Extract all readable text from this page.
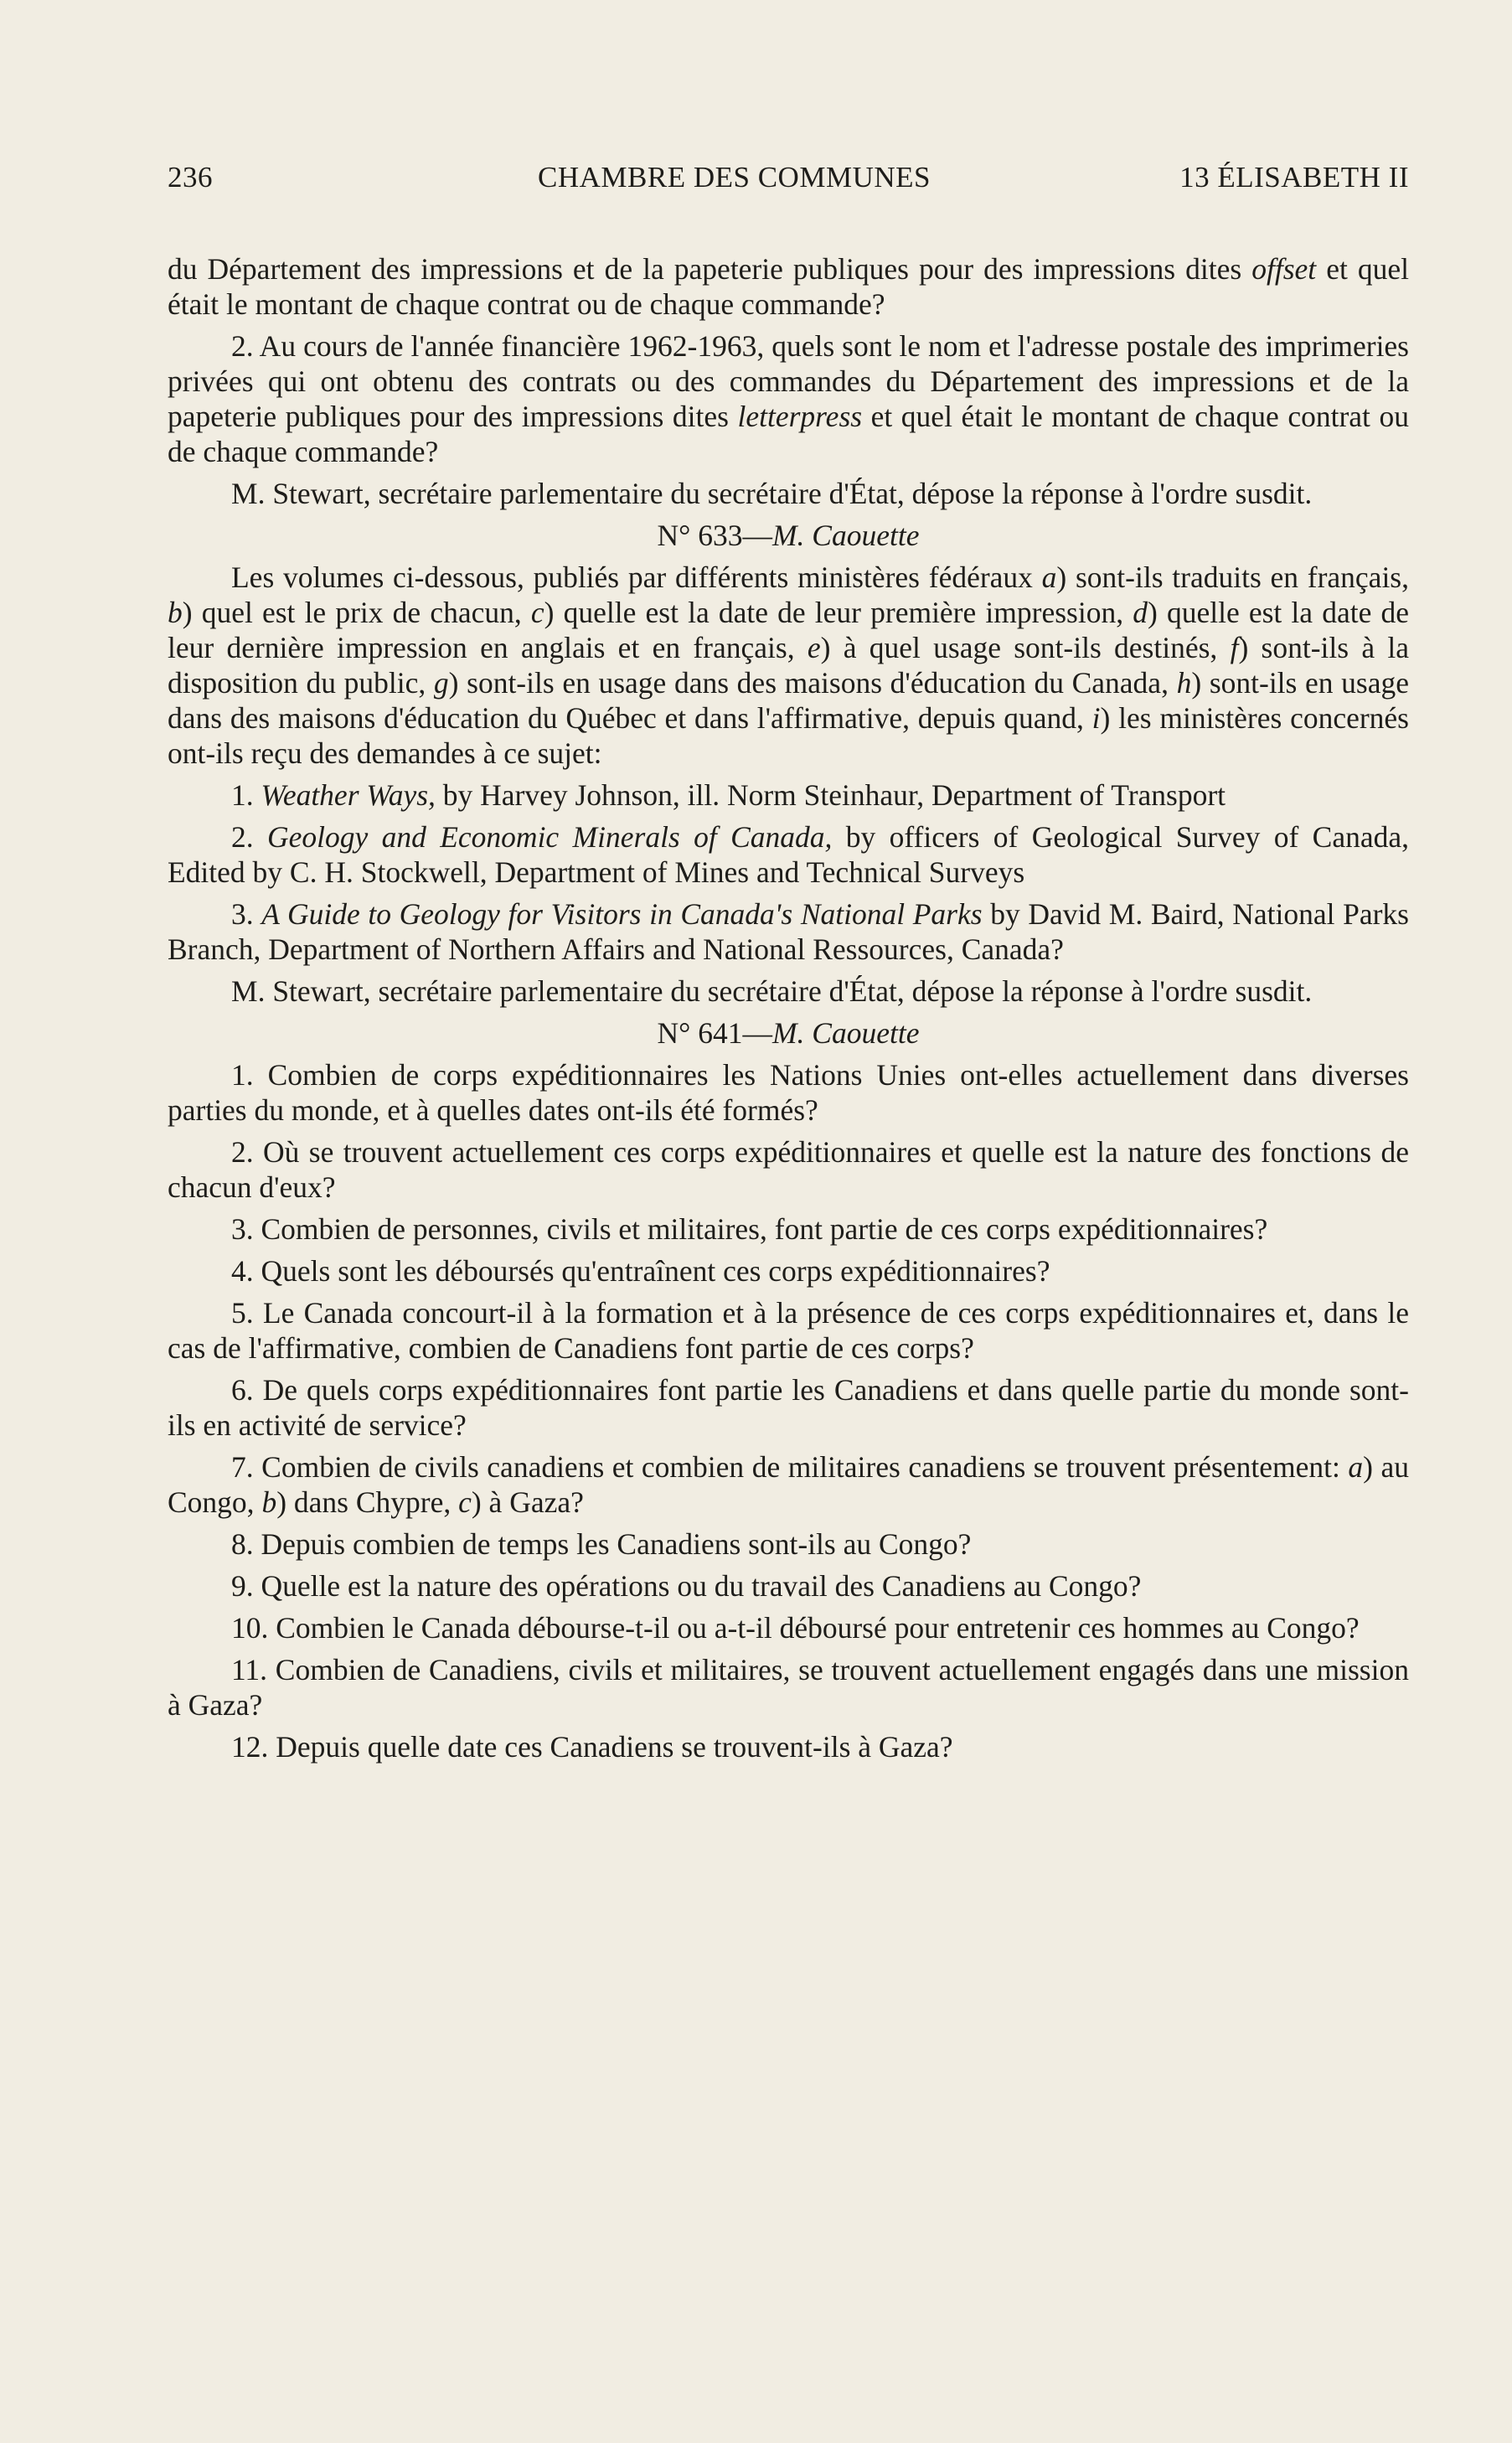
236	CHAMBRE DES COMMUNES	13 ÉLISABETH II

du Département des impressions et de la papeterie publiques pour des impressions dites offset et quel était le montant de chaque contrat ou de chaque commande?

2. Au cours de l'année financière 1962-1963, quels sont le nom et l'adresse postale des imprimeries privées qui ont obtenu des contrats ou des commandes du Département des impressions et de la papeterie publiques pour des impressions dites letterpress et quel était le montant de chaque contrat ou de chaque commande?

M. Stewart, secrétaire parlementaire du secrétaire d'État, dépose la réponse à l'ordre susdit.

N° 633—M. Caouette

Les volumes ci-dessous, publiés par différents ministères fédéraux a) sont-ils traduits en français, b) quel est le prix de chacun, c) quelle est la date de leur première impression, d) quelle est la date de leur dernière impression en anglais et en français, e) à quel usage sont-ils destinés, f) sont-ils à la disposition du public, g) sont-ils en usage dans des maisons d'éducation du Canada, h) sont-ils en usage dans des maisons d'éducation du Québec et dans l'affirmative, depuis quand, i) les ministères concernés ont-ils reçu des demandes à ce sujet:

1. Weather Ways, by Harvey Johnson, ill. Norm Steinhaur, Department of Transport

2. Geology and Economic Minerals of Canada, by officers of Geological Survey of Canada, Edited by C. H. Stockwell, Department of Mines and Technical Surveys

3. A Guide to Geology for Visitors in Canada's National Parks by David M. Baird, National Parks Branch, Department of Northern Affairs and National Ressources, Canada?

M. Stewart, secrétaire parlementaire du secrétaire d'État, dépose la réponse à l'ordre susdit.

N° 641—M. Caouette

1. Combien de corps expéditionnaires les Nations Unies ont-elles actuellement dans diverses parties du monde, et à quelles dates ont-ils été formés?

2. Où se trouvent actuellement ces corps expéditionnaires et quelle est la nature des fonctions de chacun d'eux?

3. Combien de personnes, civils et militaires, font partie de ces corps expéditionnaires?

4. Quels sont les déboursés qu'entraînent ces corps expéditionnaires?

5. Le Canada concourt-il à la formation et à la présence de ces corps expéditionnaires et, dans le cas de l'affirmative, combien de Canadiens font partie de ces corps?

6. De quels corps expéditionnaires font partie les Canadiens et dans quelle partie du monde sont-ils en activité de service?

7. Combien de civils canadiens et combien de militaires canadiens se trouvent présentement: a) au Congo, b) dans Chypre, c) à Gaza?

8. Depuis combien de temps les Canadiens sont-ils au Congo?

9. Quelle est la nature des opérations ou du travail des Canadiens au Congo?

10. Combien le Canada débourse-t-il ou a-t-il déboursé pour entretenir ces hommes au Congo?

11. Combien de Canadiens, civils et militaires, se trouvent actuellement engagés dans une mission à Gaza?

12. Depuis quelle date ces Canadiens se trouvent-ils à Gaza?
